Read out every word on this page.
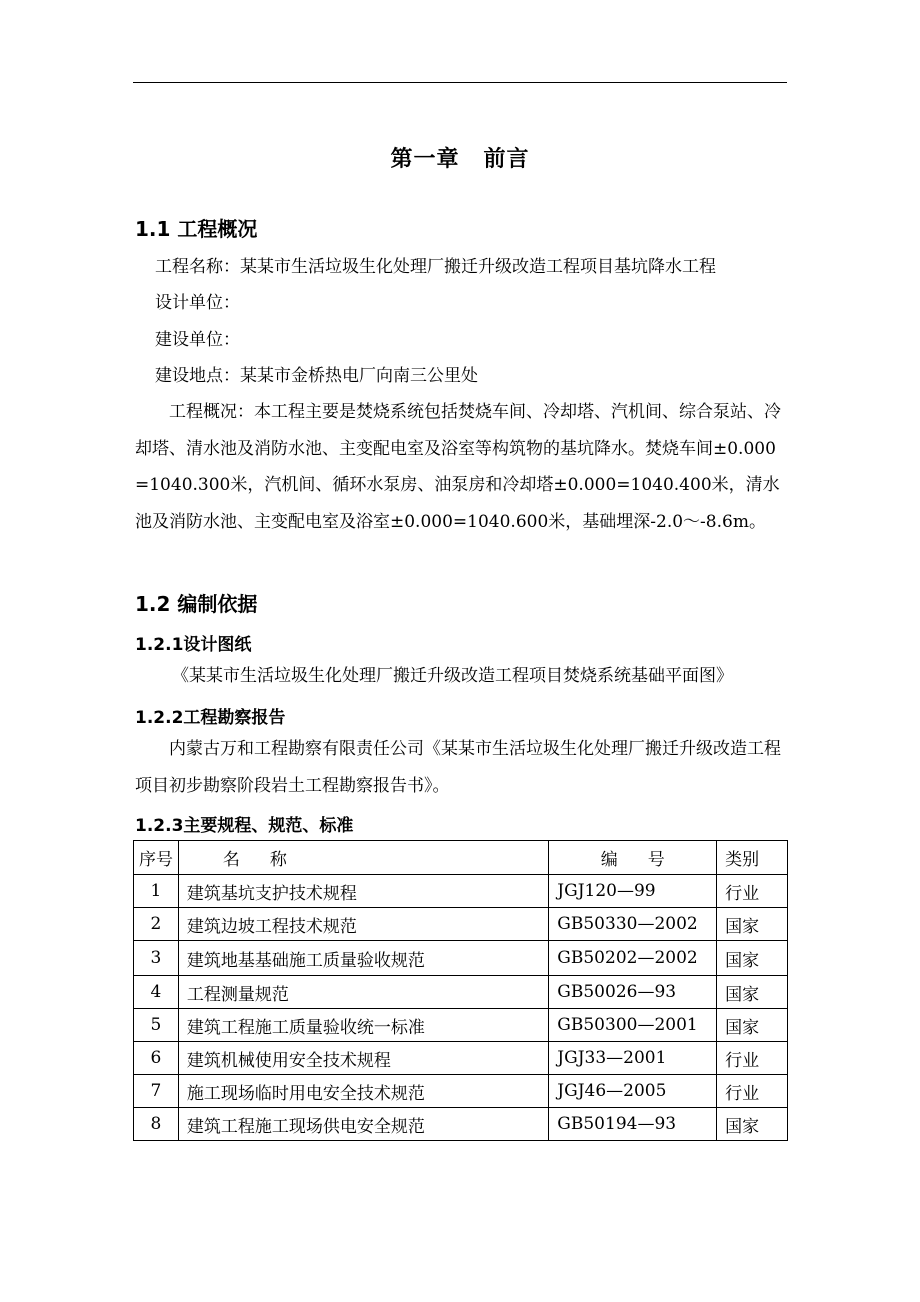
第一章 前言
1.1 工程概况
工程名称：某某市生活垃圾生化处理厂搬迁升级改造工程项目基坑降水工程
设计单位：
建设单位：
建设地点：某某市金桥热电厂向南三公里处
工程概况：本工程主要是焚烧系统包括焚烧车间、冷却塔、汽机间、综合泵站、冷却塔、清水池及消防水池、主变配电室及浴室等构筑物的基坑降水。焚烧车间±0.000=1040.300米，汽机间、循环水泵房、油泵房和冷却塔±0.000=1040.400米，清水池及消防水池、主变配电室及浴室±0.000=1040.600米，基础埋深-2.0～-8.6m。
1.2 编制依据
1.2.1设计图纸
《某某市生活垃圾生化处理厂搬迁升级改造工程项目焚烧系统基础平面图》
1.2.2工程勘察报告
内蒙古万和工程勘察有限责任公司《某某市生活垃圾生化处理厂搬迁升级改造工程项目初步勘察阶段岩土工程勘察报告书》。
1.2.3主要规程、规范、标准
序号	名 称	编 号	类别
1	建筑基坑支护技术规程	JGJ120—99	行业
2	建筑边坡工程技术规范	GB50330—2002	国家
3	建筑地基基础施工质量验收规范	GB50202—2002	国家
4	工程测量规范	GB50026—93	国家
5	建筑工程施工质量验收统一标准	GB50300—2001	国家
6	建筑机械使用安全技术规程	JGJ33—2001	行业
7	施工现场临时用电安全技术规范	JGJ46—2005	行业
8	建筑工程施工现场供电安全规范	GB50194—93	国家
